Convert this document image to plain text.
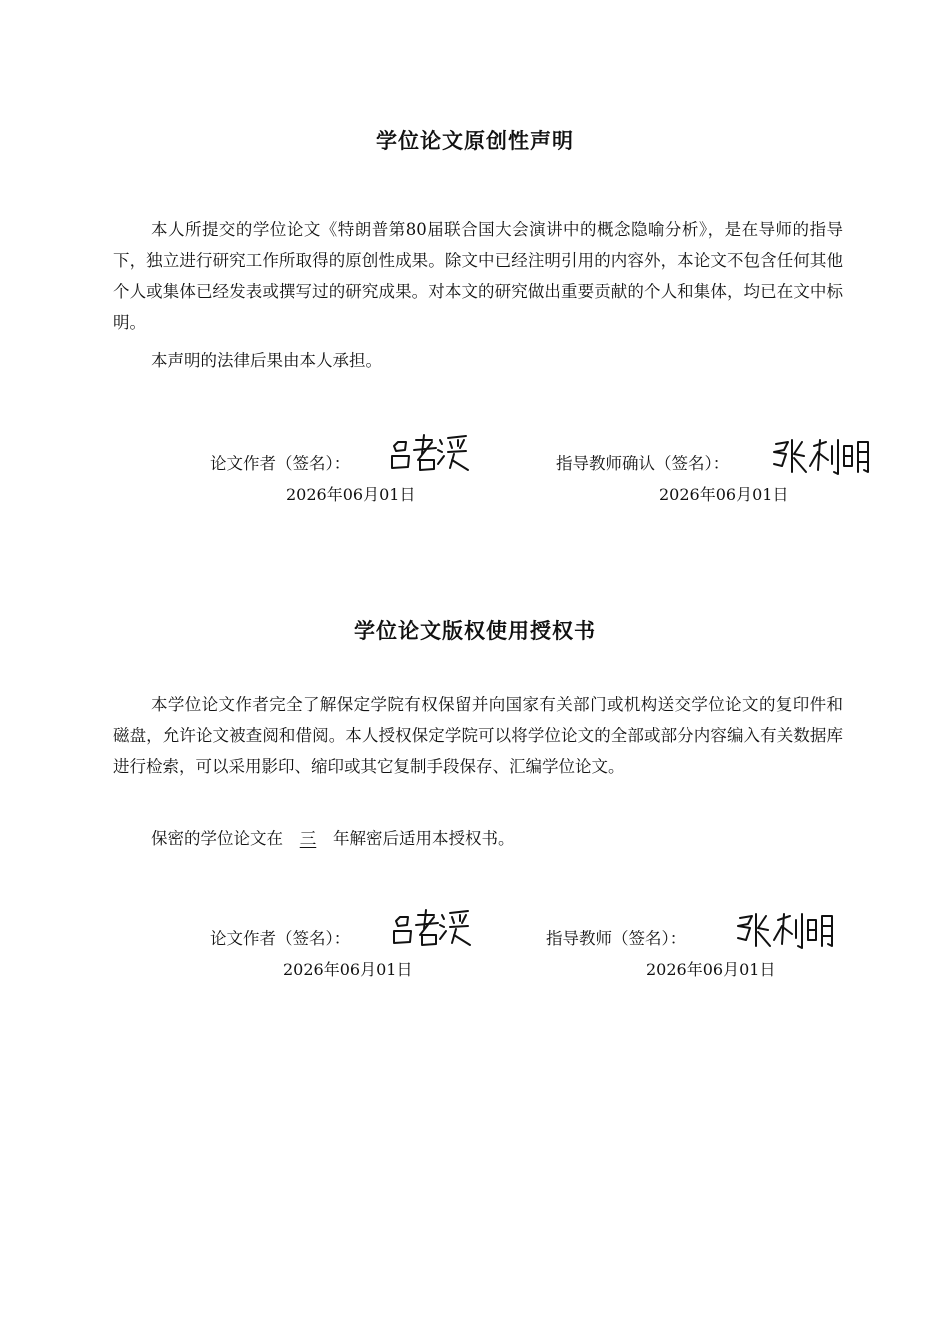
学位论文原创性声明

本人所提交的学位论文《特朗普第80届联合国大会演讲中的概念隐喻分析》，是在导师的指导下，独立进行研究工作所取得的原创性成果。除文中已经注明引用的内容外，本论文不包含任何其他个人或集体已经发表或撰写过的研究成果。对本文的研究做出重要贡献的个人和集体，均已在文中标明。

本声明的法律后果由本人承担。

论文作者（签名）：
2026年06月01日
指导教师确认（签名）：
2026年06月01日
学位论文版权使用授权书

本学位论文作者完全了解保定学院有权保留并向国家有关部门或机构送交学位论文的复印件和磁盘，允许论文被查阅和借阅。本人授权保定学院可以将学位论文的全部或部分内容编入有关数据库进行检索，可以采用影印、缩印或其它复制手段保存、汇编学位论文。

保密的学位论文在 三 年解密后适用本授权书。

论文作者（签名）：
2026年06月01日
指导教师（签名）：
2026年06月01日
